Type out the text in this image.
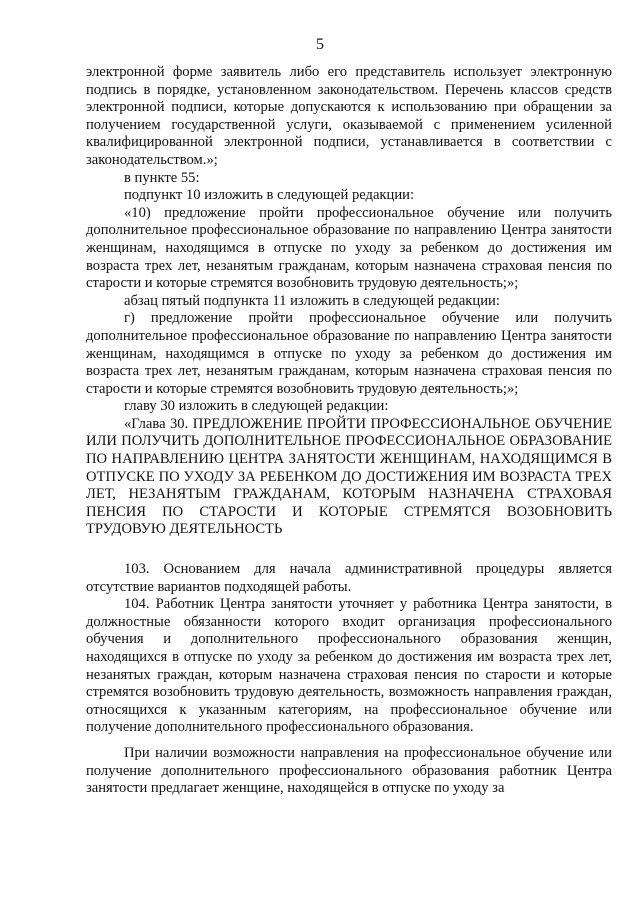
5

электронной форме заявитель либо его представитель использует электронную подпись в порядке, установленном законодательством. Перечень классов средств электронной подписи, которые допускаются к использованию при обращении за получением государственной услуги, оказываемой с применением усиленной квалифицированной электронной подписи, устанавливается в соответствии с законодательством.»;

в пункте 55:

подпункт 10 изложить в следующей редакции:

«10) предложение пройти профессиональное обучение или получить дополнительное профессиональное образование по направлению Центра занятости женщинам, находящимся в отпуске по уходу за ребенком до достижения им возраста трех лет, незанятым гражданам, которым назначена страховая пенсия по старости и которые стремятся возобновить трудовую деятельность;»;

абзац пятый подпункта 11 изложить в следующей редакции:

г) предложение пройти профессиональное обучение или получить дополнительное профессиональное образование по направлению Центра занятости женщинам, находящимся в отпуске по уходу за ребенком до достижения им возраста трех лет, незанятым гражданам, которым назначена страховая пенсия по старости и которые стремятся возобновить трудовую деятельность;»;

главу 30 изложить в следующей редакции:

«Глава 30. ПРЕДЛОЖЕНИЕ ПРОЙТИ ПРОФЕССИОНАЛЬНОЕ ОБУЧЕНИЕ ИЛИ ПОЛУЧИТЬ ДОПОЛНИТЕЛЬНОЕ ПРОФЕССИОНАЛЬНОЕ ОБРАЗОВАНИЕ ПО НАПРАВЛЕНИЮ ЦЕНТРА ЗАНЯТОСТИ ЖЕНЩИНАМ, НАХОДЯЩИМСЯ В ОТПУСКЕ ПО УХОДУ ЗА РЕБЕНКОМ ДО ДОСТИЖЕНИЯ ИМ ВОЗРАСТА ТРЕХ ЛЕТ, НЕЗАНЯТЫМ ГРАЖДАНАМ, КОТОРЫМ НАЗНАЧЕНА СТРАХОВАЯ ПЕНСИЯ ПО СТАРОСТИ И КОТОРЫЕ СТРЕМЯТСЯ ВОЗОБНОВИТЬ ТРУДОВУЮ ДЕЯТЕЛЬНОСТЬ

103. Основанием для начала административной процедуры является отсутствие вариантов подходящей работы.

104. Работник Центра занятости уточняет у работника Центра занятости, в должностные обязанности которого входит организация профессионального обучения и дополнительного профессионального образования женщин, находящихся в отпуске по уходу за ребенком до достижения им возраста трех лет, незанятых граждан, которым назначена страховая пенсия по старости и которые стремятся возобновить трудовую деятельность, возможность направления граждан, относящихся к указанным категориям, на профессиональное обучение или получение дополнительного профессионального образования.

При наличии возможности направления на профессиональное обучение или получение дополнительного профессионального образования работник Центра занятости предлагает женщине, находящейся в отпуске по уходу за
